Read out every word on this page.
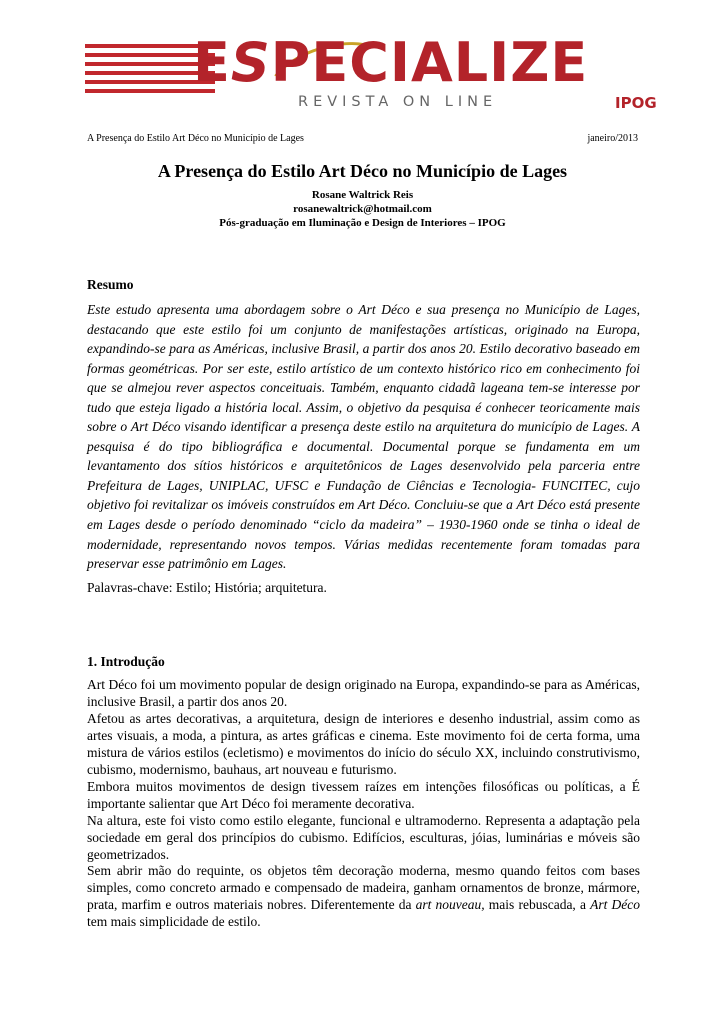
ESPECIALIZE
REVISTA ON LINE	IPOG
A Presença do Estilo Art Déco no Município de Lages	janeiro/2013
A Presença do Estilo Art Déco no Município de Lages
Rosane Waltrick Reis
rosanewaltrick@hotmail.com
Pós-graduação em Iluminação e Design de Interiores – IPOG
Resumo

Este estudo apresenta uma abordagem sobre o Art Déco e sua presença no Município de Lages, destacando que este estilo foi um conjunto de manifestações artísticas, originado na Europa, expandindo-se para as Américas, inclusive Brasil, a partir dos anos 20. Estilo decorativo baseado em formas geométricas. Por ser este, estilo artístico de um contexto histórico rico em conhecimento foi que se almejou rever aspectos conceituais. Também, enquanto cidadã lageana tem-se interesse por tudo que esteja ligado a história local. Assim, o objetivo da pesquisa é conhecer teoricamente mais sobre o Art Déco visando identificar a presença deste estilo na arquitetura do município de Lages. A pesquisa é do tipo bibliográfica e documental. Documental porque se fundamenta em um levantamento dos sítios históricos e arquitetônicos de Lages desenvolvido pela parceria entre Prefeitura de Lages, UNIPLAC, UFSC e Fundação de Ciências e Tecnologia- FUNCITEC, cujo objetivo foi revitalizar os imóveis construídos em Art Déco. Concluiu-se que a Art Déco está presente em Lages desde o período denominado “ciclo da madeira” – 1930-1960 onde se tinha o ideal de modernidade, representando novos tempos. Várias medidas recentemente foram tomadas para preservar esse patrimônio em Lages.

Palavras-chave: Estilo; História; arquitetura.
1. Introdução

Art Déco foi um movimento popular de design originado na Europa, expandindo-se para as Américas, inclusive Brasil, a partir dos anos 20.

Afetou as artes decorativas, a arquitetura, design de interiores e desenho industrial, assim como as artes visuais, a moda, a pintura, as artes gráficas e cinema. Este movimento foi de certa forma, uma mistura de vários estilos (ecletismo) e movimentos do início do século XX, incluindo construtivismo, cubismo, modernismo, bauhaus, art nouveau e futurismo.

Embora muitos movimentos de design tivessem raízes em intenções filosóficas ou políticas, a É importante salientar que Art Déco foi meramente decorativa.

Na altura, este foi visto como estilo elegante, funcional e ultramoderno. Representa a adaptação pela sociedade em geral dos princípios do cubismo. Edifícios, esculturas, jóias, luminárias e móveis são geometrizados.

Sem abrir mão do requinte, os objetos têm decoração moderna, mesmo quando feitos com bases simples, como concreto armado e compensado de madeira, ganham ornamentos de bronze, mármore, prata, marfim e outros materiais nobres. Diferentemente da art nouveau, mais rebuscada, a Art Déco tem mais simplicidade de estilo.
